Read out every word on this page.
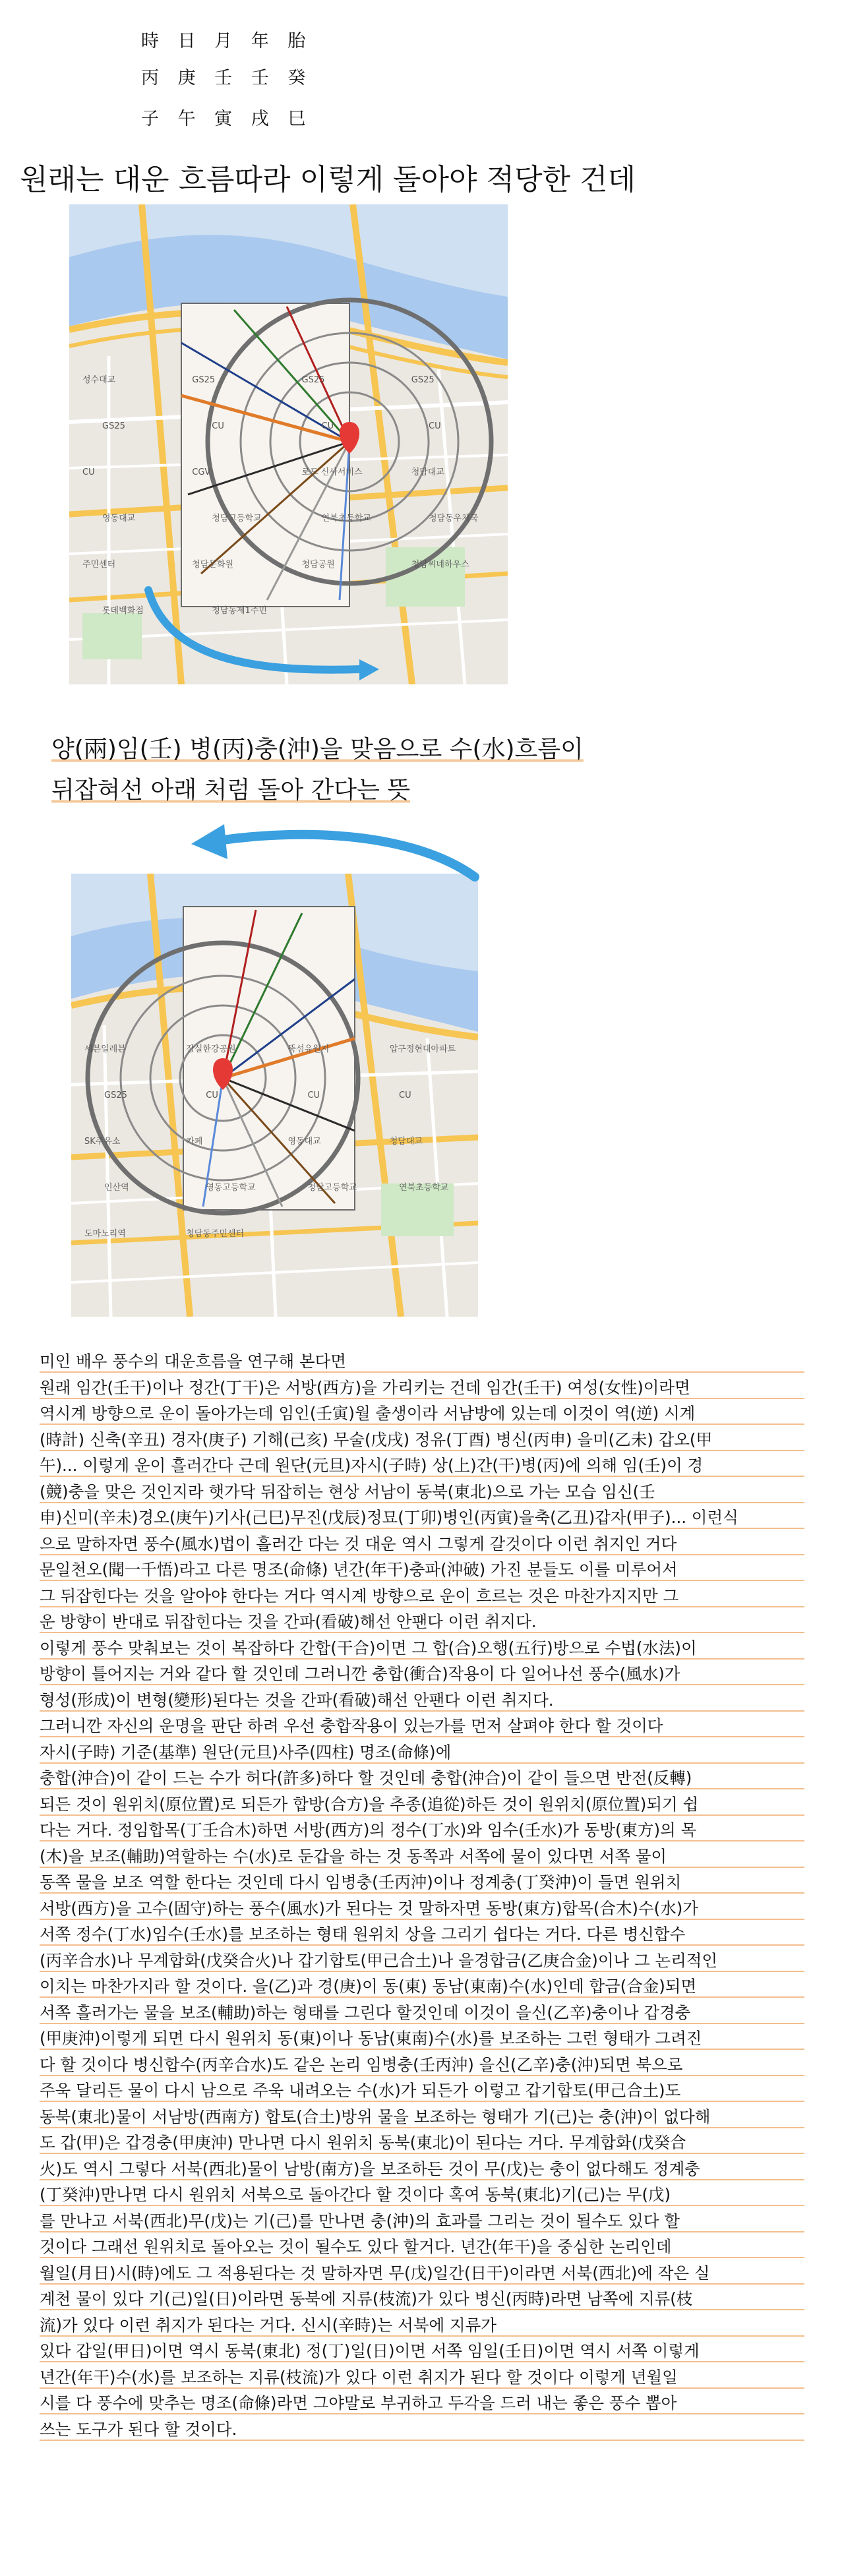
時 日 月 年 胎
丙 庚 壬 壬 癸
子 午 寅 戌 巳
원래는 대운 흐름따라 이렇게 돌아야 적당한 건데
성수대교	GS25	GS25	GS25
GS25	CU	CU	CU
CU	CGV	로드 신사서비스	청담대교
영동대교	청담고등학교	연북초등학교	청담동우체국
주민센터	청담문화원	청담공원	청담씨네하우스
롯데백화점	청담동제1주민
양(兩)임(壬) 병(丙)충(沖)을 맞음으로 수(水)흐름이
뒤잡혀선 아래 처럼 돌아 간다는 뜻
세븐일레븐	잠실한강공원	뚝섬유원지	압구정현대아파트
GS25	CU	CU	CU
SK주유소	카페	영동대교	청담대교
인산역	영동고등학교	청담고등학교	연북초등학교
도마노리역	청담동주민센터
미인 배우 풍수의 대운흐름을 연구해 본다면
원래 임간(壬干)이나 정간(丁干)은 서방(西方)을 가리키는 건데 임간(壬干) 여성(女性)이라면
역시계 방향으로 운이 돌아가는데 임인(壬寅)월 출생이라 서남방에 있는데 이것이 역(逆) 시계
(時計) 신축(辛丑) 경자(庚子) 기해(己亥) 무술(戊戌) 정유(丁酉) 병신(丙申) 을미(乙未) 갑오(甲
午)... 이렇게 운이 흘러간다 근데 원단(元旦)자시(子時) 상(上)간(干)병(丙)에 의해 임(壬)이 경
(競)충을 맞은 것인지라 햇가닥 뒤잡히는 현상 서남이 동북(東北)으로 가는 모습 임신(壬
申)신미(辛未)경오(庚午)기사(己巳)무진(戊辰)정묘(丁卯)병인(丙寅)을축(乙丑)갑자(甲子)... 이런식
으로 말하자면 풍수(風水)법이 흘러간 다는 것 대운 역시 그렇게 갈것이다 이런 취지인 거다
문일천오(聞一千悟)라고 다른 명조(命條) 년간(年干)충파(沖破) 가진 분들도 이를 미루어서
그 뒤잡힌다는 것을 알아야 한다는 거다 역시계 방향으로 운이 흐르는 것은 마찬가지지만 그
운 방향이 반대로 뒤잡힌다는 것을 간파(看破)해선 안팬다 이런 취지다.
이렇게 풍수 맞춰보는 것이 복잡하다 간합(干合)이면 그 합(合)오행(五行)방으로 수법(水法)이
방향이 틀어지는 거와 같다 할 것인데 그러니깐 충합(衝合)작용이 다 일어나선 풍수(風水)가
형성(形成)이 변형(變形)된다는 것을 간파(看破)해선 안팬다 이런 취지다.
그러니깐 자신의 운명을 판단 하려 우선 충합작용이 있는가를 먼저 살펴야 한다 할 것이다
자시(子時) 기준(基準) 원단(元旦)사주(四柱) 명조(命條)에
충합(沖合)이 같이 드는 수가 허다(許多)하다 할 것인데 충합(沖合)이 같이 들으면 반전(反轉)
되든 것이 원위치(原位置)로 되든가 합방(合方)을 추종(追從)하든 것이 원위치(原位置)되기 쉽
다는 거다. 정임합목(丁壬合木)하면 서방(西方)의 정수(丁水)와 임수(壬水)가 동방(東方)의 목
(木)을 보조(輔助)역할하는 수(水)로 둔갑을 하는 것 동쪽과 서쪽에 물이 있다면 서쪽 물이
동쪽 물을 보조 역할 한다는 것인데 다시 임병충(壬丙沖)이나 정계충(丁癸沖)이 들면 원위치
서방(西方)을 고수(固守)하는 풍수(風水)가 된다는 것 말하자면 동방(東方)합목(合木)수(水)가
서쪽 정수(丁水)임수(壬水)를 보조하는 형태 원위치 상을 그리기 쉽다는 거다. 다른 병신합수
(丙辛合水)나 무계합화(戊癸合火)나 갑기합토(甲己合土)나 을경합금(乙庚合金)이나 그 논리적인
이치는 마찬가지라 할 것이다. 을(乙)과 경(庚)이 동(東) 동남(東南)수(水)인데 합금(合金)되면
서쪽 흘러가는 물을 보조(輔助)하는 형태를 그린다 할것인데 이것이 을신(乙辛)충이나 갑경충
(甲庚沖)이렇게 되면 다시 원위치 동(東)이나 동남(東南)수(水)를 보조하는 그런 형태가 그려진
다 할 것이다 병신합수(丙辛合水)도 같은 논리 임병충(壬丙沖) 을신(乙辛)충(沖)되면 북으로
주욱 달리든 물이 다시 남으로 주욱 내려오는 수(水)가 되든가 이렇고 갑기합토(甲己合土)도
동북(東北)물이 서남방(西南方) 합토(合土)방위 물을 보조하는 형태가 기(己)는 충(沖)이 없다해
도 갑(甲)은 갑경충(甲庚沖) 만나면 다시 원위치 동북(東北)이 된다는 거다. 무계합화(戊癸合
火)도 역시 그렇다 서북(西北)물이 남방(南方)을 보조하든 것이 무(戊)는 충이 없다해도 정계충
(丁癸沖)만나면 다시 원위치 서북으로 돌아간다 할 것이다 혹여 동북(東北)기(己)는 무(戊)
를 만나고 서북(西北)무(戊)는 기(己)를 만나면 충(沖)의 효과를 그리는 것이 될수도 있다 할
것이다 그래선 원위치로 돌아오는 것이 될수도 있다 할거다. 년간(年干)을 중심한 논리인데
월일(月日)시(時)에도 그 적용된다는 것 말하자면 무(戊)일간(日干)이라면 서북(西北)에 작은 실
계천 물이 있다 기(己)일(日)이라면 동북에 지류(枝流)가 있다 병신(丙時)라면 남쪽에 지류(枝
流)가 있다 이런 취지가 된다는 거다. 신시(辛時)는 서북에 지류가
있다 갑일(甲日)이면 역시 동북(東北) 정(丁)일(日)이면 서쪽 임일(壬日)이면 역시 서쪽 이렇게
년간(年干)수(水)를 보조하는 지류(枝流)가 있다 이런 취지가 된다 할 것이다 이렇게 년월일
시를 다 풍수에 맞추는 명조(命條)라면 그야말로 부귀하고 두각을 드러 내는 좋은 풍수 뽑아
쓰는 도구가 된다 할 것이다.
